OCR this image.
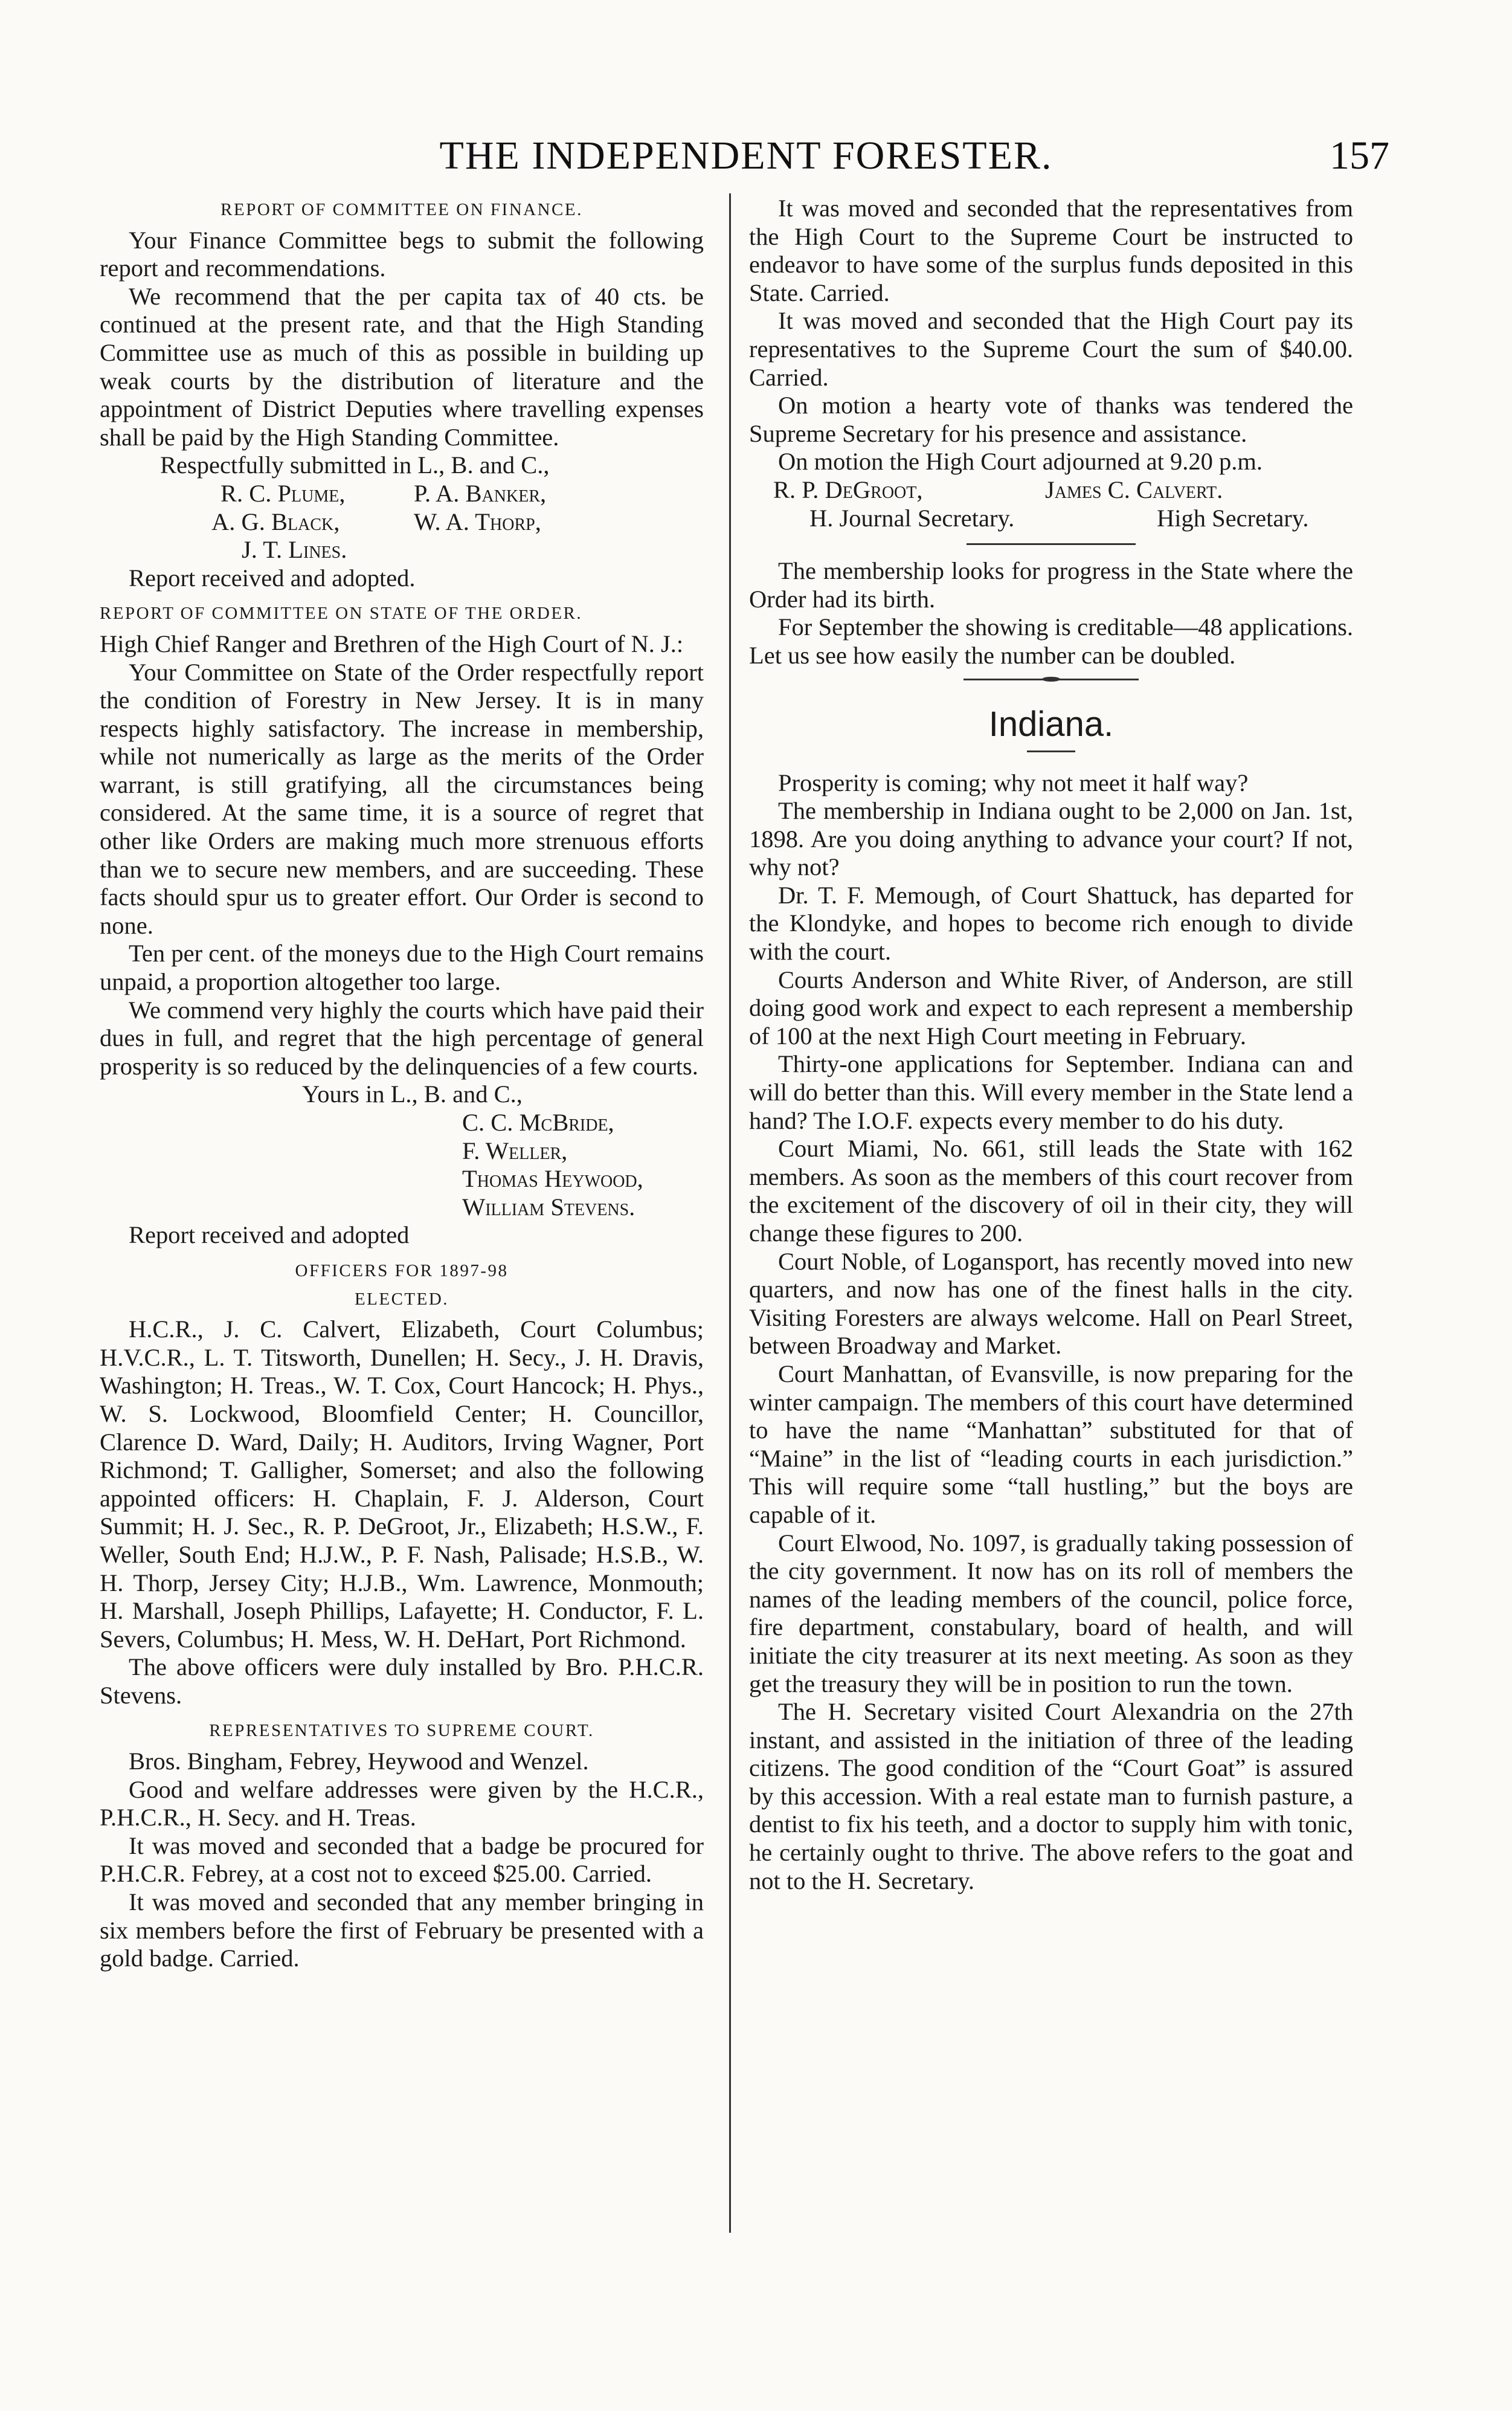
THE INDEPENDENT FORESTER.	157

REPORT OF COMMITTEE ON FINANCE.

Your Finance Committee begs to submit the following report and recommendations.

We recommend that the per capita tax of 40 cts. be continued at the present rate, and that the High Standing Committee use as much of this as possible in building up weak courts by the distribution of literature and the appointment of District Deputies where travelling expenses shall be paid by the High Standing Committee.

Respectfully submitted in L., B. and C.,

R. C. Plume,	P. A. Banker,
A. G. Black,	W. A. Thorp,
J. T. Lines.

Report received and adopted.

REPORT OF COMMITTEE ON STATE OF THE ORDER.

High Chief Ranger and Brethren of the High Court of N. J.:

Your Committee on State of the Order respectfully report the condition of Forestry in New Jersey. It is in many respects highly satisfactory. The increase in membership, while not numerically as large as the merits of the Order warrant, is still gratifying, all the circumstances being considered. At the same time, it is a source of regret that other like Orders are making much more strenuous efforts than we to secure new members, and are succeeding. These facts should spur us to greater effort. Our Order is second to none.

Ten per cent. of the moneys due to the High Court remains unpaid, a proportion altogether too large.

We commend very highly the courts which have paid their dues in full, and regret that the high percentage of general prosperity is so reduced by the delinquencies of a few courts.

Yours in L., B. and C.,

C. C. McBride,

F. Weller,

Thomas Heywood,

William Stevens.

Report received and adopted

OFFICERS FOR 1897-98

ELECTED.

H.C.R., J. C. Calvert, Elizabeth, Court Columbus; H.V.C.R., L. T. Titsworth, Dunellen; H. Secy., J. H. Dravis, Washington; H. Treas., W. T. Cox, Court Hancock; H. Phys., W. S. Lockwood, Bloomfield Center; H. Councillor, Clarence D. Ward, Daily; H. Auditors, Irving Wagner, Port Richmond; T. Galligher, Somerset; and also the following appointed officers: H. Chaplain, F. J. Alderson, Court Summit; H. J. Sec., R. P. DeGroot, Jr., Elizabeth; H.S.W., F. Weller, South End; H.J.W., P. F. Nash, Palisade; H.S.B., W. H. Thorp, Jersey City; H.J.B., Wm. Lawrence, Monmouth; H. Marshall, Joseph Phillips, Lafayette; H. Conductor, F. L. Severs, Columbus; H. Mess, W. H. DeHart, Port Richmond.

The above officers were duly installed by Bro. P.H.C.R. Stevens.

REPRESENTATIVES TO SUPREME COURT.

Bros. Bingham, Febrey, Heywood and Wenzel.

Good and welfare addresses were given by the H.C.R., P.H.C.R., H. Secy. and H. Treas.

It was moved and seconded that a badge be procured for P.H.C.R. Febrey, at a cost not to exceed $25.00. Carried.

It was moved and seconded that any member bringing in six members before the first of February be presented with a gold badge. Carried.

It was moved and seconded that the representatives from the High Court to the Supreme Court be instructed to endeavor to have some of the surplus funds deposited in this State. Carried.

It was moved and seconded that the High Court pay its representatives to the Supreme Court the sum of $40.00. Carried.

On motion a hearty vote of thanks was tendered the Supreme Secretary for his presence and assistance.

On motion the High Court adjourned at 9.20 p.m.

R. P. DeGroot,	James C. Calvert.
H. Journal Secretary.	High Secretary.

The membership looks for progress in the State where the Order had its birth.

For September the showing is creditable—48 applications. Let us see how easily the number can be doubled.

Indiana.

Prosperity is coming; why not meet it half way?

The membership in Indiana ought to be 2,000 on Jan. 1st, 1898. Are you doing anything to advance your court? If not, why not?

Dr. T. F. Memough, of Court Shattuck, has departed for the Klondyke, and hopes to become rich enough to divide with the court.

Courts Anderson and White River, of Anderson, are still doing good work and expect to each represent a membership of 100 at the next High Court meeting in February.

Thirty-one applications for September. Indiana can and will do better than this. Will every member in the State lend a hand? The I.O.F. expects every member to do his duty.

Court Miami, No. 661, still leads the State with 162 members. As soon as the members of this court recover from the excitement of the discovery of oil in their city, they will change these figures to 200.

Court Noble, of Logansport, has recently moved into new quarters, and now has one of the finest halls in the city. Visiting Foresters are always welcome. Hall on Pearl Street, between Broadway and Market.

Court Manhattan, of Evansville, is now preparing for the winter campaign. The members of this court have determined to have the name “Manhattan” substituted for that of “Maine” in the list of “leading courts in each jurisdiction.” This will require some “tall hustling,” but the boys are capable of it.

Court Elwood, No. 1097, is gradually taking possession of the city government. It now has on its roll of members the names of the leading members of the council, police force, fire department, constabulary, board of health, and will initiate the city treasurer at its next meeting. As soon as they get the treasury they will be in position to run the town.

The H. Secretary visited Court Alexandria on the 27th instant, and assisted in the initiation of three of the leading citizens. The good condition of the “Court Goat” is assured by this accession. With a real estate man to furnish pasture, a dentist to fix his teeth, and a doctor to supply him with tonic, he certainly ought to thrive. The above refers to the goat and not to the H. Secretary.
